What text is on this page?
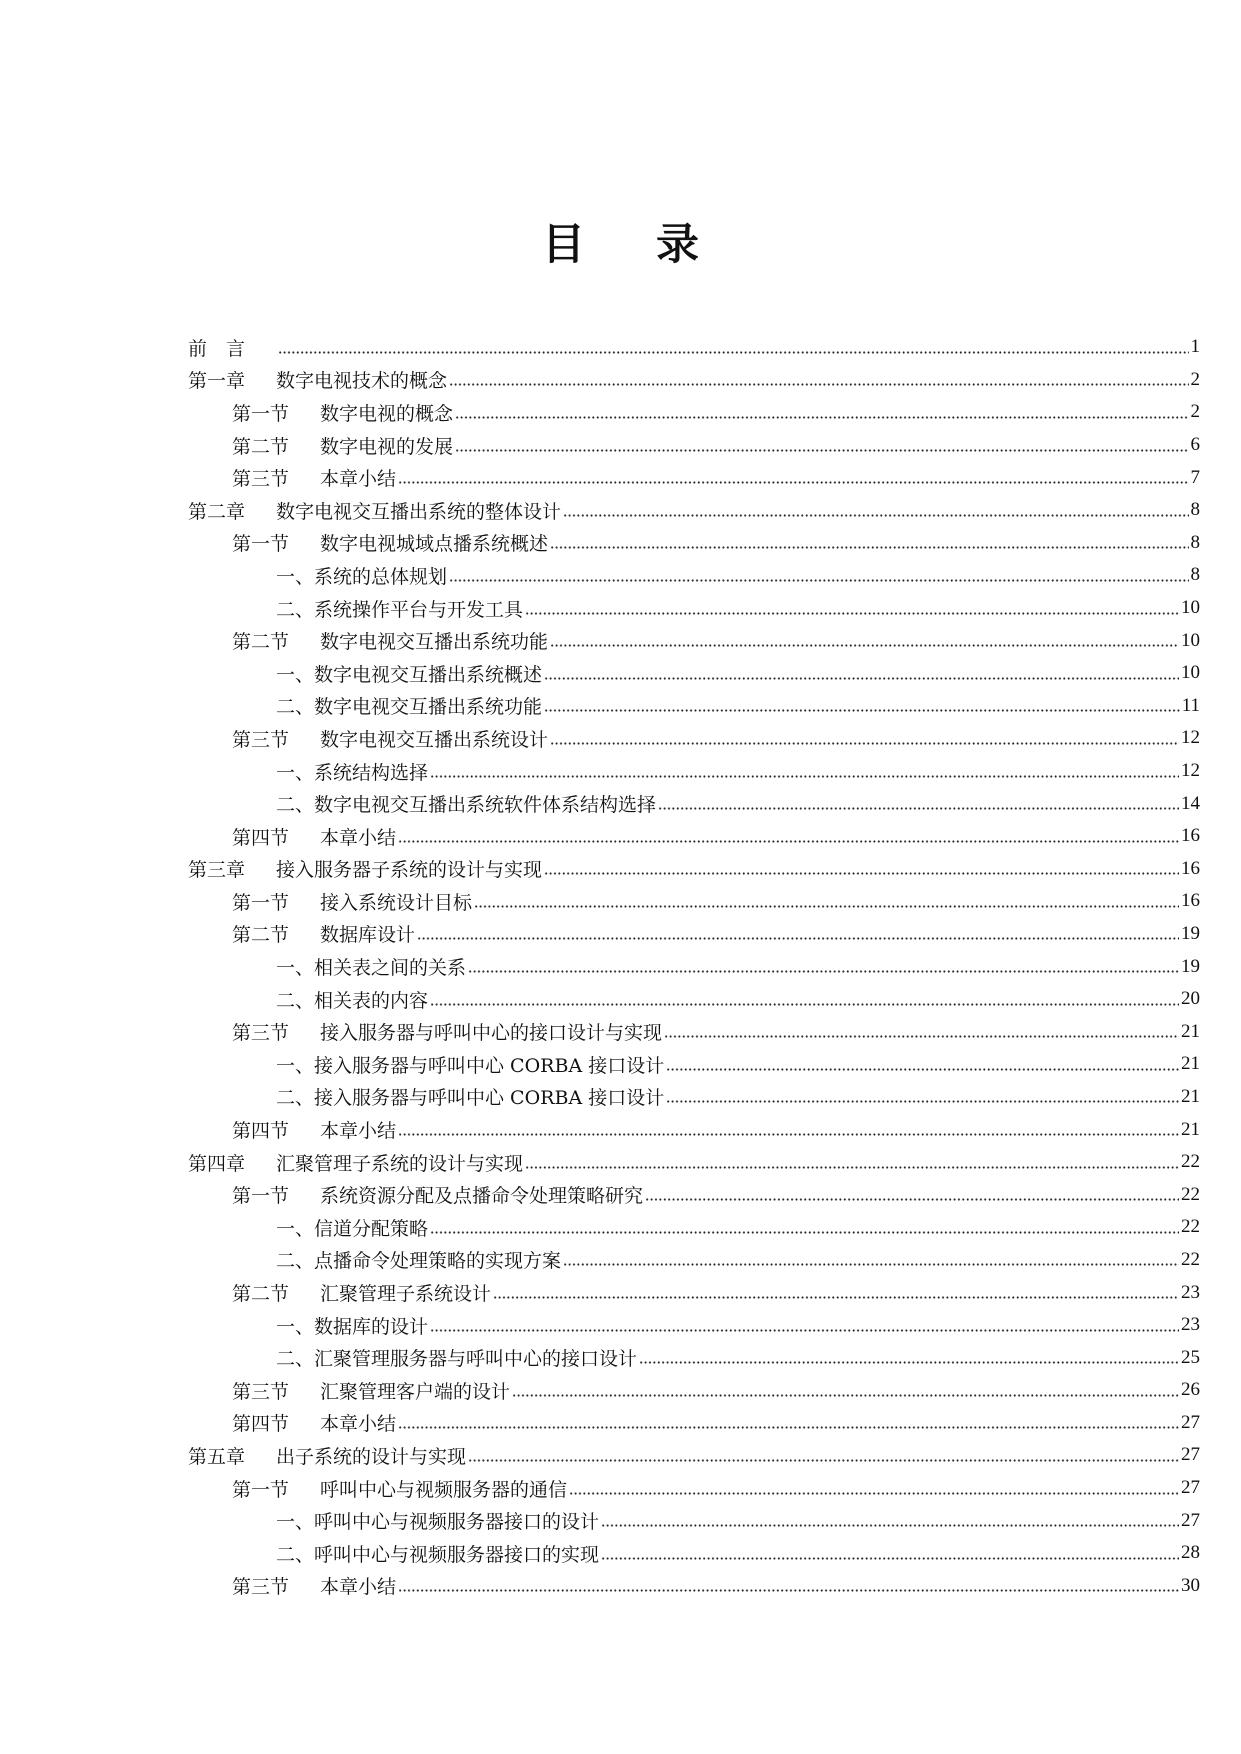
目 录
前　言	1
第一章	数字电视技术的概念	2
第一节	数字电视的概念	2
第二节	数字电视的发展	6
第三节	本章小结	7
第二章	数字电视交互播出系统的整体设计	8
第一节	数字电视城域点播系统概述	8
一、 系统的总体规划	8
二、 系统操作平台与开发工具	10
第二节	数字电视交互播出系统功能	10
一、 数字电视交互播出系统概述	10
二、 数字电视交互播出系统功能	11
第三节	数字电视交互播出系统设计	12
一、 系统结构选择	12
二、 数字电视交互播出系统软件体系结构选择	14
第四节	本章小结	16
第三章	接入服务器子系统的设计与实现	16
第一节	接入系统设计目标	16
第二节	数据库设计	19
一、 相关表之间的关系	19
二、 相关表的内容	20
第三节	接入服务器与呼叫中心的接口设计与实现	21
一、 接入服务器与呼叫中心 CORBA 接口设计	21
二、 接入服务器与呼叫中心 CORBA 接口设计	21
第四节	本章小结	21
第四章	汇聚管理子系统的设计与实现	22
第一节	系统资源分配及点播命令处理策略研究	22
一、 信道分配策略	22
二、 点播命令处理策略的实现方案	22
第二节	汇聚管理子系统设计	23
一、 数据库的设计	23
二、 汇聚管理服务器与呼叫中心的接口设计	25
第三节	汇聚管理客户端的设计	26
第四节	本章小结	27
第五章	出子系统的设计与实现	27
第一节	呼叫中心与视频服务器的通信	27
一、 呼叫中心与视频服务器接口的设计	27
二、 呼叫中心与视频服务器接口的实现	28
第三节	本章小结	30
